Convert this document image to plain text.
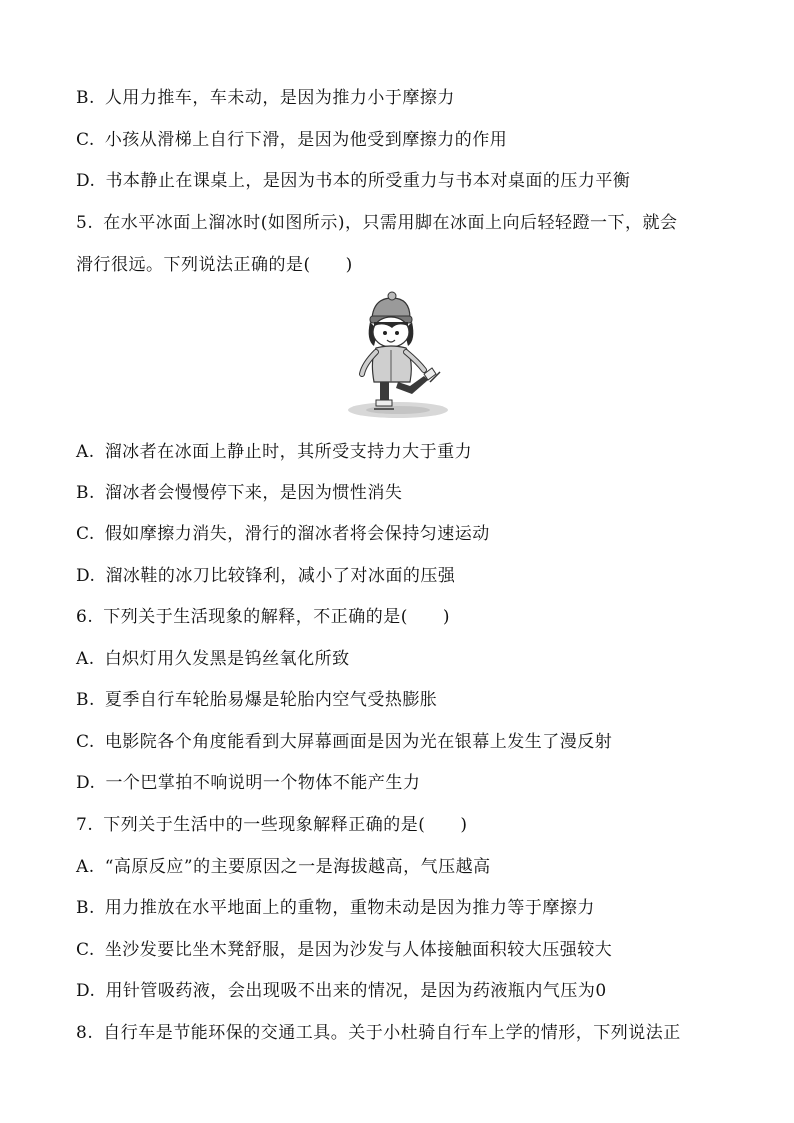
B. 人用力推车，车未动，是因为推力小于摩擦力
C. 小孩从滑梯上自行下滑，是因为他受到摩擦力的作用
D. 书本静止在课桌上，是因为书本的所受重力与书本对桌面的压力平衡
5. 在水平冰面上溜冰时(如图所示)，只需用脚在冰面上向后轻轻蹬一下，就会
滑行很远。下列说法正确的是(　　)
A. 溜冰者在冰面上静止时，其所受支持力大于重力
B. 溜冰者会慢慢停下来，是因为惯性消失
C. 假如摩擦力消失，滑行的溜冰者将会保持匀速运动
D. 溜冰鞋的冰刀比较锋利，减小了对冰面的压强
6. 下列关于生活现象的解释，不正确的是(　　)
A. 白炽灯用久发黑是钨丝氧化所致
B. 夏季自行车轮胎易爆是轮胎内空气受热膨胀
C. 电影院各个角度能看到大屏幕画面是因为光在银幕上发生了漫反射
D. 一个巴掌拍不响说明一个物体不能产生力
7. 下列关于生活中的一些现象解释正确的是(　　)
A. “高原反应”的主要原因之一是海拔越高，气压越高
B. 用力推放在水平地面上的重物，重物未动是因为推力等于摩擦力
C. 坐沙发要比坐木凳舒服，是因为沙发与人体接触面积较大压强较大
D. 用针管吸药液，会出现吸不出来的情况，是因为药液瓶内气压为0
8. 自行车是节能环保的交通工具。关于小杜骑自行车上学的情形，下列说法正
